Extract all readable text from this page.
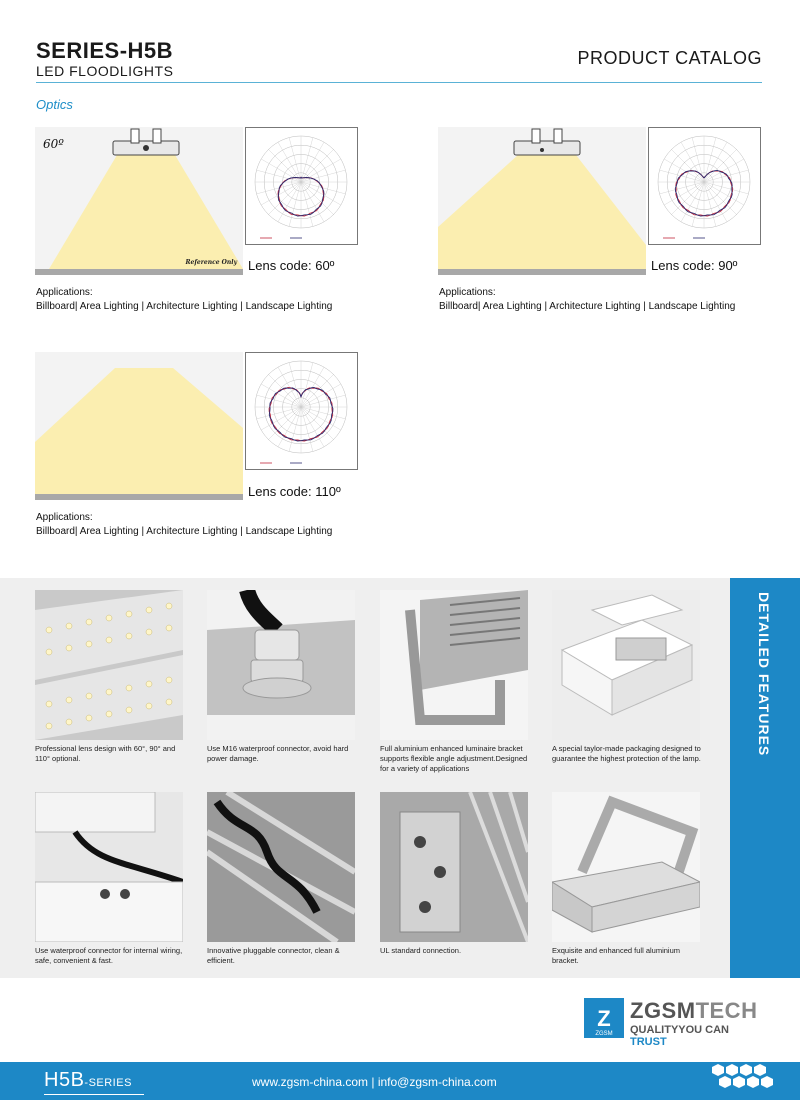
SERIES-H5B
LED FLOODLIGHTS
PRODUCT CATALOG
Optics
60º
Reference Only Lens code: 60º
Applications:
Billboard| Area Lighting | Architecture Lighting | Landscape Lighting
Lens code: 90º
Applications:
Billboard| Area Lighting | Architecture Lighting | Landscape Lighting
Lens code: 110º
Applications:
Billboard| Area Lighting | Architecture Lighting | Landscape Lighting
DETAILED FEATURES
Professional lens design with 60°, 90° and 110° optional.
Use M16 waterproof connector, avoid hard power damage.
Full aluminium enhanced luminaire bracket supports flexible angle adjustment.Designed for a variety of applications
A special taylor-made packaging designed to guarantee the highest protection of the lamp.
Use waterproof connector for internal wiring, safe, convenient & fast.
Innovative pluggable connector, clean & efficient.
UL standard connection.	Exquisite and enhanced full aluminium bracket.
Z
ZGSM
ZGSMTECH
QUALITYYOU CAN TRUST
H5B-SERIES	www.zgsm-china.com | info@zgsm-china.com
